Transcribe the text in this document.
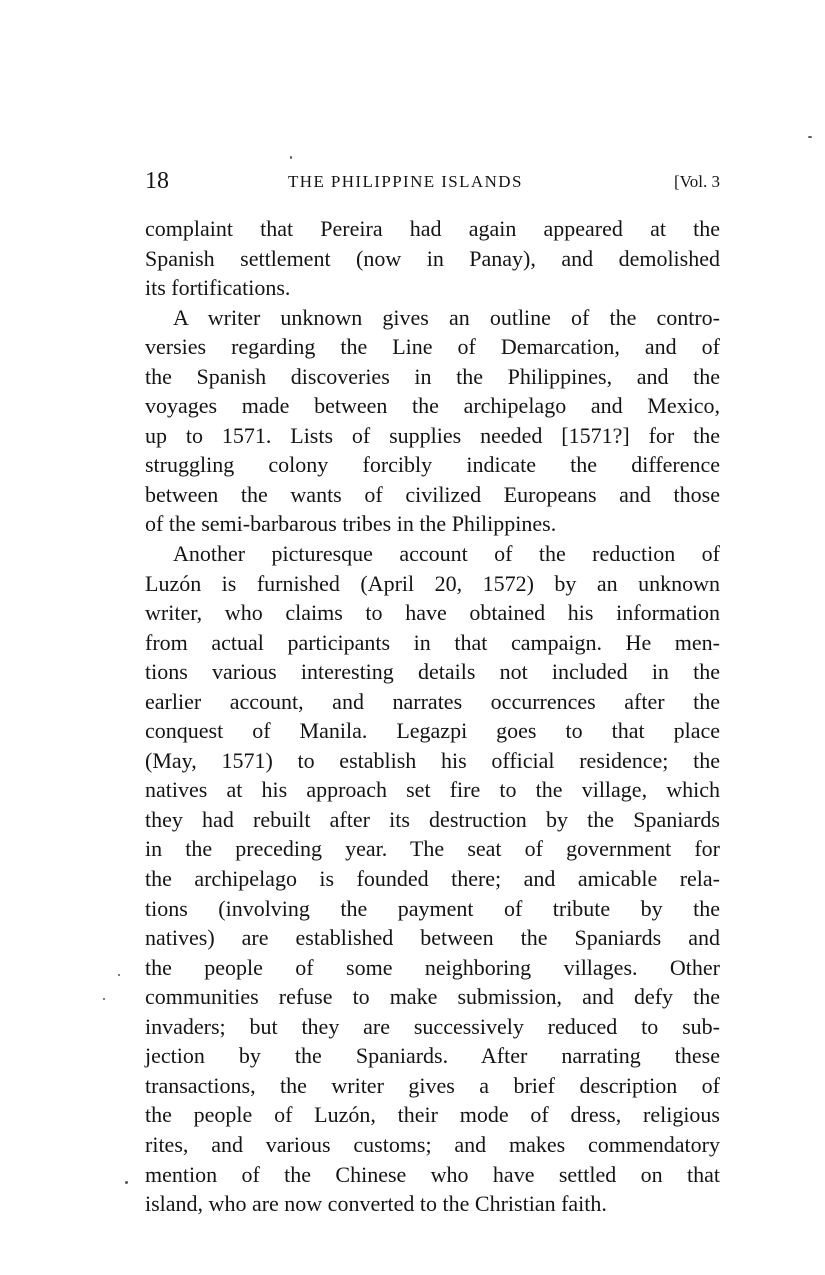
18	THE PHILIPPINE ISLANDS	[Vol. 3
complaint that Pereira had again appeared at the
Spanish settlement (now in Panay), and demolished
its fortifications.
A writer unknown gives an outline of the contro-
versies regarding the Line of Demarcation, and of
the Spanish discoveries in the Philippines, and the
voyages made between the archipelago and Mexico,
up to 1571. Lists of supplies needed [1571?] for the
struggling colony forcibly indicate the difference
between the wants of civilized Europeans and those
of the semi-barbarous tribes in the Philippines.
Another picturesque account of the reduction of
Luzón is furnished (April 20, 1572) by an unknown
writer, who claims to have obtained his information
from actual participants in that campaign. He men-
tions various interesting details not included in the
earlier account, and narrates occurrences after the
conquest of Manila. Legazpi goes to that place
(May, 1571) to establish his official residence; the
natives at his approach set fire to the village, which
they had rebuilt after its destruction by the Spaniards
in the preceding year. The seat of government for
the archipelago is founded there; and amicable rela-
tions (involving the payment of tribute by the
natives) are established between the Spaniards and
the people of some neighboring villages. Other
communities refuse to make submission, and defy the
invaders; but they are successively reduced to sub-
jection by the Spaniards. After narrating these
transactions, the writer gives a brief description of
the people of Luzón, their mode of dress, religious
rites, and various customs; and makes commendatory
mention of the Chinese who have settled on that
island, who are now converted to the Christian faith.
